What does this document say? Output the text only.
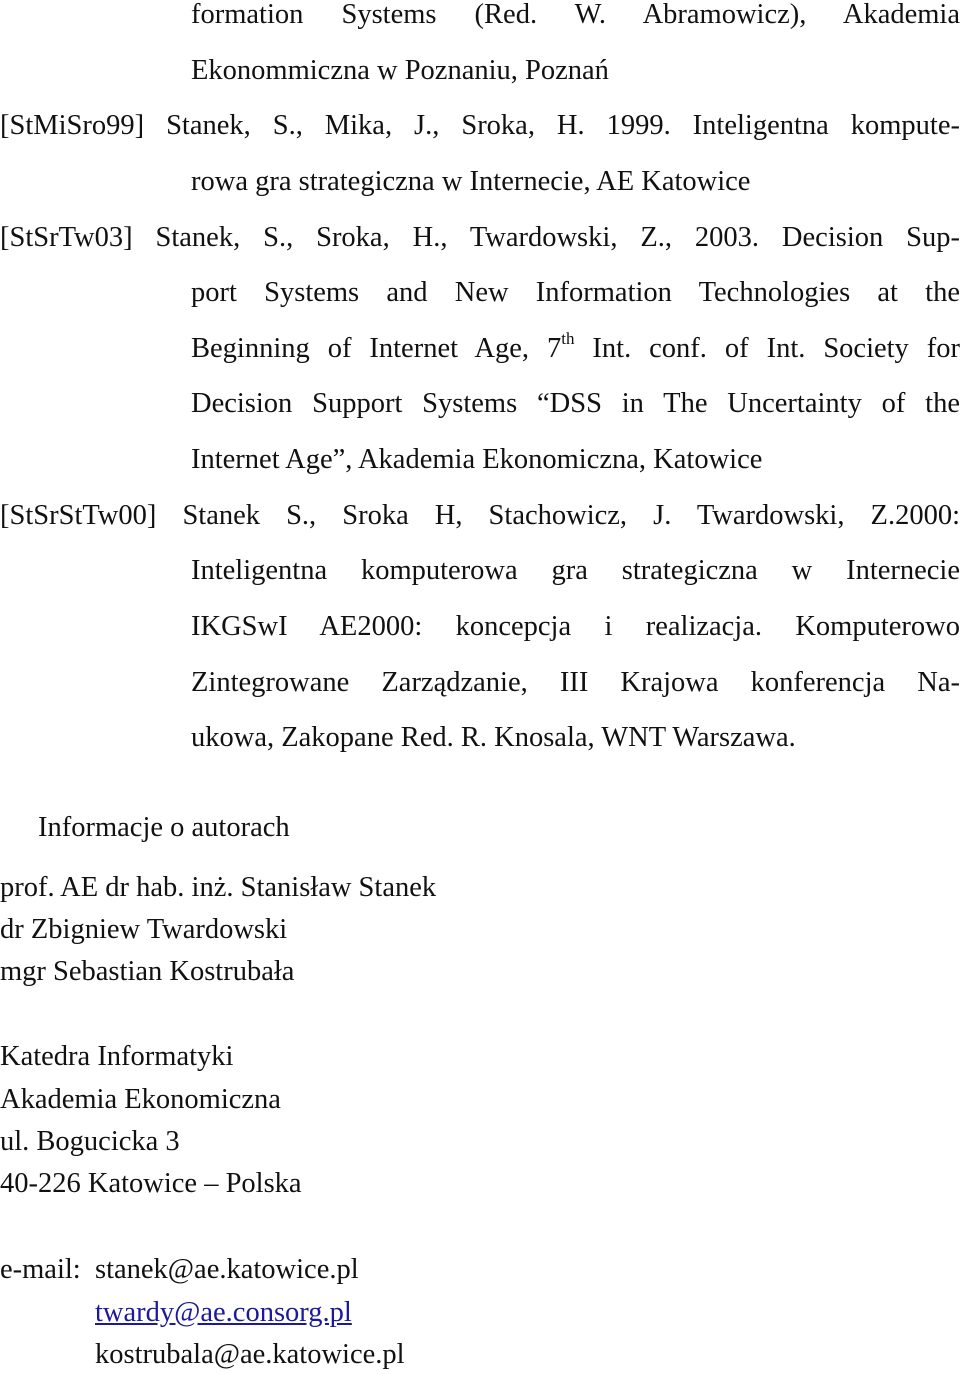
formation Systems (Red. W. Abramowicz), Akademia
Ekonommiczna w Poznaniu, Poznań
[StMiSro99] Stanek, S., Mika, J., Sroka, H. 1999. Inteligentna kompute-
rowa gra strategiczna w Internecie, AE Katowice
[StSrTw03] Stanek, S., Sroka, H., Twardowski, Z., 2003. Decision Sup-
port Systems and New Information Technologies at the
Beginning of Internet Age, 7th Int. conf. of Int. Society for
Decision Support Systems “DSS in The Uncertainty of the
Internet Age”, Akademia Ekonomiczna, Katowice
[StSrStTw00] Stanek S., Sroka H, Stachowicz, J. Twardowski, Z.2000:
Inteligentna komputerowa gra strategiczna w Internecie
IKGSwI AE2000: koncepcja i realizacja. Komputerowo
Zintegrowane Zarządzanie, III Krajowa konferencja Na-
ukowa, Zakopane Red. R. Knosala, WNT Warszawa.
Informacje o autorach
prof. AE dr hab. inż. Stanisław Stanek
dr Zbigniew Twardowski
mgr Sebastian Kostrubała
Katedra Informatyki
Akademia Ekonomiczna
ul. Bogucicka 3
40-226 Katowice – Polska
e-mail: stanek@ae.katowice.pl
twardy@ae.consorg.pl
kostrubala@ae.katowice.pl
